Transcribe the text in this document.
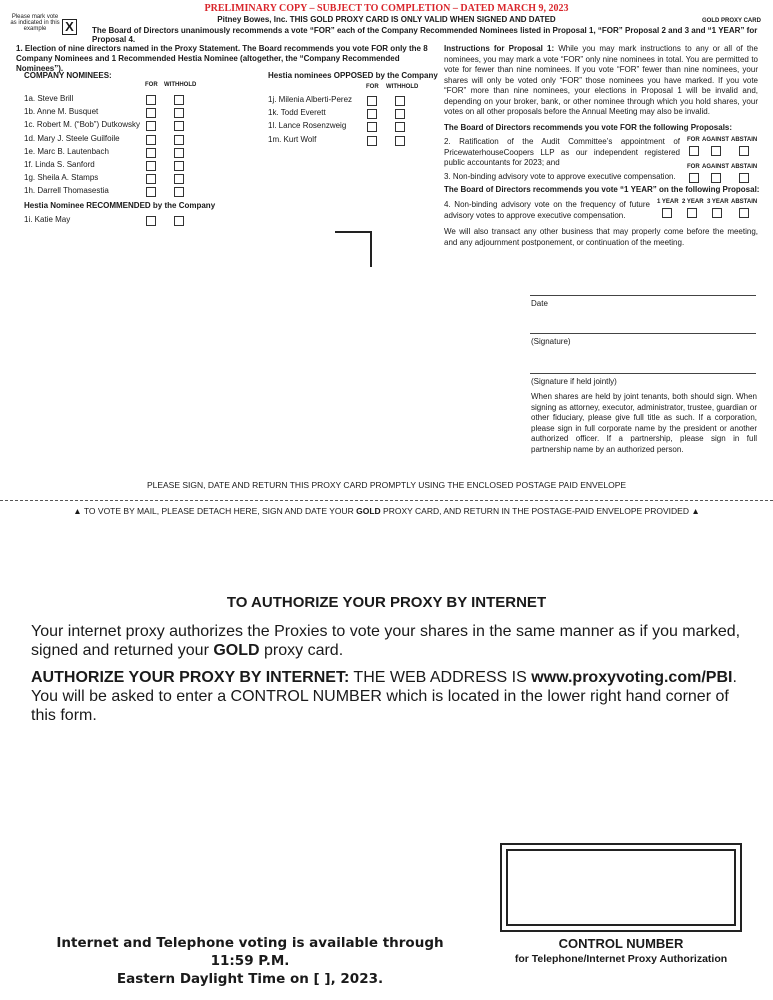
PRELIMINARY COPY – SUBJECT TO COMPLETION – DATED MARCH 9, 2023
Please mark vote as indicated in this example	X	Pitney Bowes, Inc. THIS GOLD PROXY CARD IS ONLY VALID WHEN SIGNED AND DATED	GOLD PROXY CARD
The Board of Directors unanimously recommends a vote “FOR” each of the Company Recommended Nominees listed in Proposal 1, “FOR” Proposal 2 and 3 and “1 YEAR” for Proposal 4.
1. Election of nine directors named in the Proxy Statement. The Board recommends you vote FOR only the 8 Company Nominees and 1 Recommended Hestia Nominee (altogether, the “Company Recommended Nominees”).
COMPANY NOMINEES:
FOR WITHHOLD
1a. Steve Brill
1b. Anne M. Busquet
1c. Robert M. (“Bob”) Dutkowsky
1d. Mary J. Steele Guilfoile
1e. Marc B. Lautenbach
1f. Linda S. Sanford
1g. Sheila A. Stamps
1h. Darrell Thomasestia
Hestia Nominee RECOMMENDED by the Company
1i. Katie May
Hestia nominees OPPOSED by the Company
FOR WITHHOLD
1j. Milenia Alberti-Perez
1k. Todd Everett
1l. Lance Rosenzweig
1m. Kurt Wolf
Instructions for Proposal 1: While you may mark instructions to any or all of the nominees, you may mark a vote “FOR” only nine nominees in total. You are permitted to vote for fewer than nine nominees. If you vote “FOR” fewer than nine nominees, your shares will only be voted only “FOR” those nominees you have marked. If you vote “FOR” more than nine nominees, your elections in Proposal 1 will be invalid and, depending on your broker, bank, or other nominee through which you hold shares, your votes on all other proposals before the Annual Meeting may also be invalid.
The Board of Directors recommends you vote FOR the following Proposals:
FOR AGAINST ABSTAIN
2. Ratification of the Audit Committee’s appointment of PricewaterhouseCoopers LLP as our independent registered public accountants for 2023; and	FOR AGAINST ABSTAIN
3. Non-binding advisory vote to approve executive compensation.
The Board of Directors recommends you vote “1 YEAR” on the following Proposal:
1 YEAR 2 YEAR 3 YEAR ABSTAIN
4. Non-binding advisory vote on the frequency of future advisory votes to approve executive compensation.
We will also transact any other business that may properly come before the meeting, and any adjournment postponement, or continuation of the meeting.
Date
(Signature)
(Signature if held jointly)
When shares are held by joint tenants, both should sign. When signing as attorney, executor, administrator, trustee, guardian or other fiduciary, please give full title as such. If a corporation, please sign in full corporate name by the president or another authorized officer. If a partnership, please sign in full partnership name by an authorized person.
PLEASE SIGN, DATE AND RETURN THIS PROXY CARD PROMPTLY USING THE ENCLOSED POSTAGE PAID ENVELOPE
▲ TO VOTE BY MAIL, PLEASE DETACH HERE, SIGN AND DATE YOUR GOLD PROXY CARD, AND RETURN IN THE POSTAGE-PAID ENVELOPE PROVIDED ▲
TO AUTHORIZE YOUR PROXY BY INTERNET
Your internet proxy authorizes the Proxies to vote your shares in the same manner as if you marked, signed and returned your GOLD proxy card.
AUTHORIZE YOUR PROXY BY INTERNET: THE WEB ADDRESS IS www.proxyvoting.com/PBI.
You will be asked to enter a CONTROL NUMBER which is located in the lower right hand corner of this form.
Internet and Telephone voting is available through 11:59 P.M.
Eastern Daylight Time on [ ], 2023.
CONTROL NUMBER
for Telephone/Internet Proxy Authorization
